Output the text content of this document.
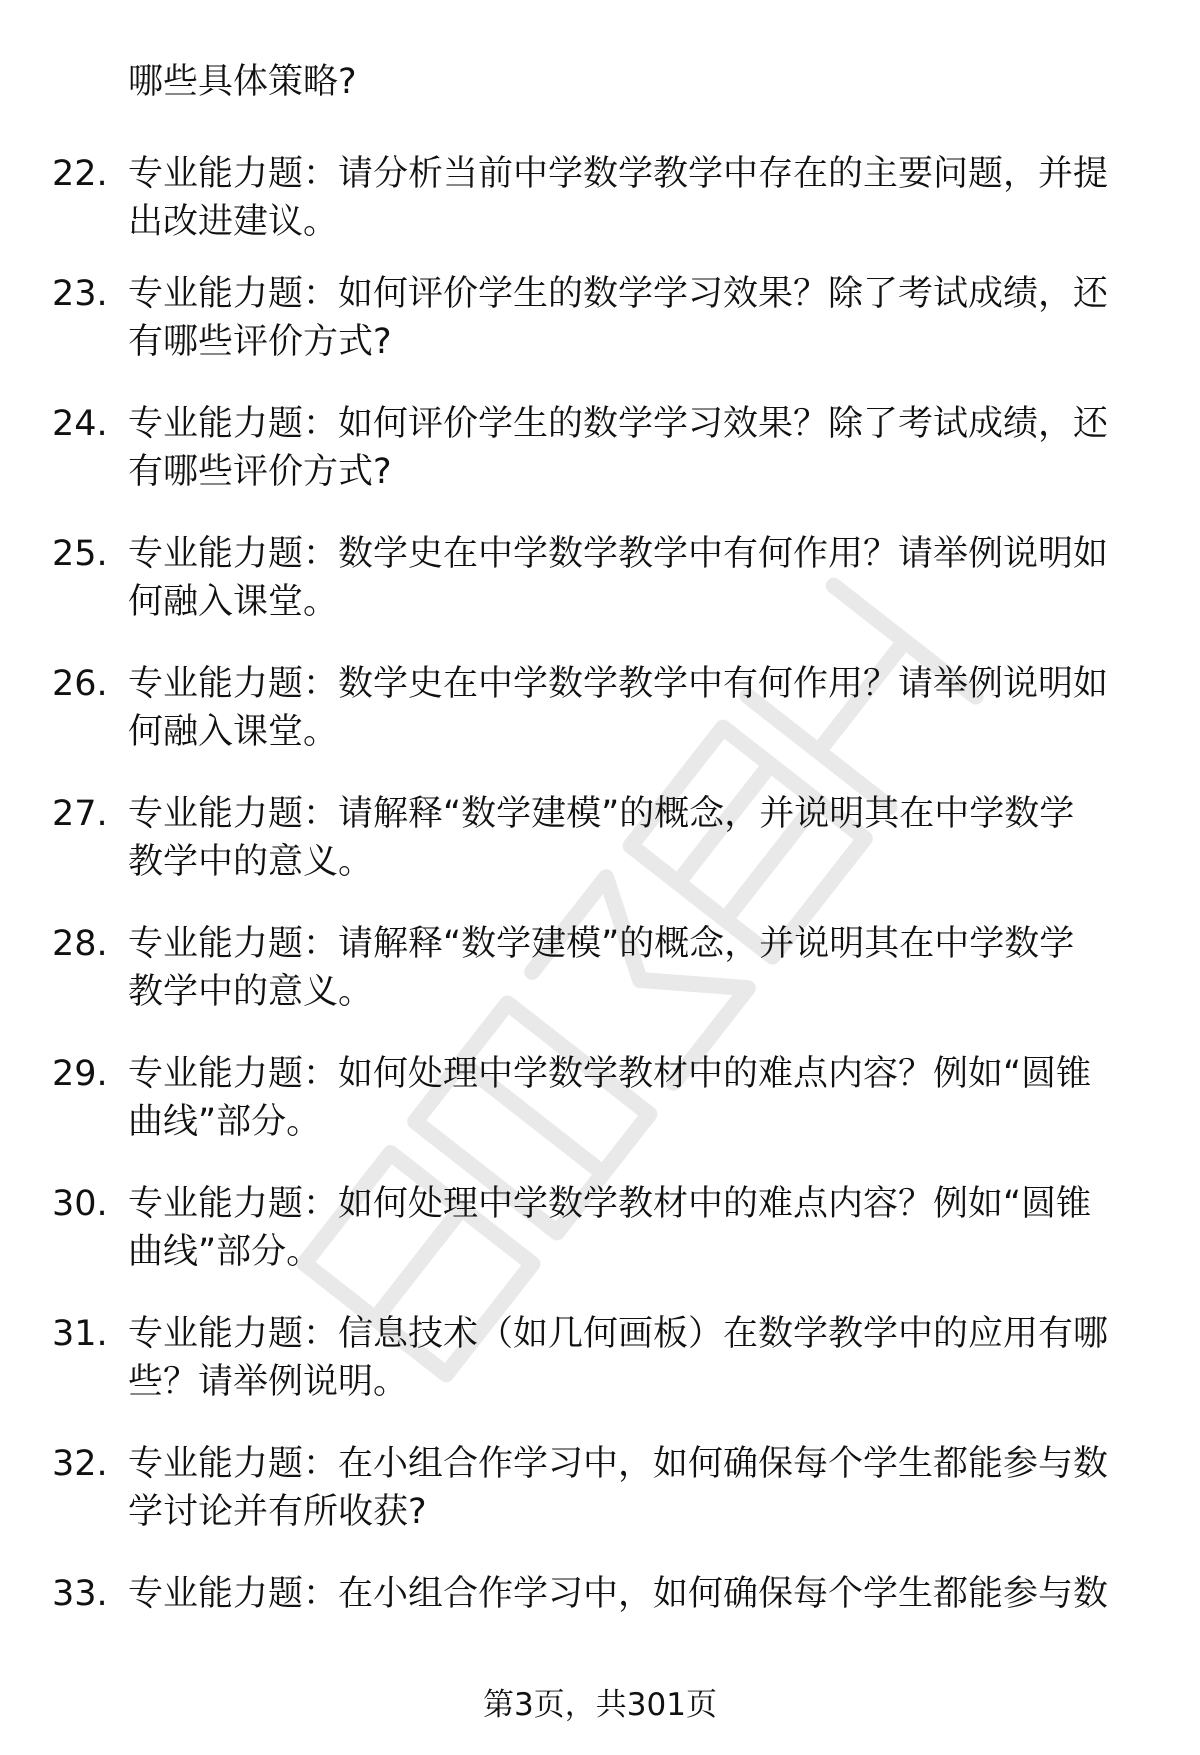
哪些具体策略?
22. 专业能力题：请分析当前中学数学教学中存在的主要问题，并提
出改进建议。
23. 专业能力题：如何评价学生的数学学习效果？除了考试成绩，还
有哪些评价方式?
24. 专业能力题：如何评价学生的数学学习效果？除了考试成绩，还
有哪些评价方式?
25. 专业能力题：数学史在中学数学教学中有何作用？请举例说明如
何融入课堂。
26. 专业能力题：数学史在中学数学教学中有何作用？请举例说明如
何融入课堂。
27. 专业能力题：请解释“数学建模”的概念，并说明其在中学数学
教学中的意义。
28. 专业能力题：请解释“数学建模”的概念，并说明其在中学数学
教学中的意义。
29. 专业能力题：如何处理中学数学教材中的难点内容？例如“圆锥
曲线”部分。
30. 专业能力题：如何处理中学数学教材中的难点内容？例如“圆锥
曲线”部分。
31. 专业能力题：信息技术（如几何画板）在数学教学中的应用有哪
些？请举例说明。
32. 专业能力题：在小组合作学习中，如何确保每个学生都能参与数
学讨论并有所收获?
33. 专业能力题：在小组合作学习中，如何确保每个学生都能参与数
第3页，共301页
